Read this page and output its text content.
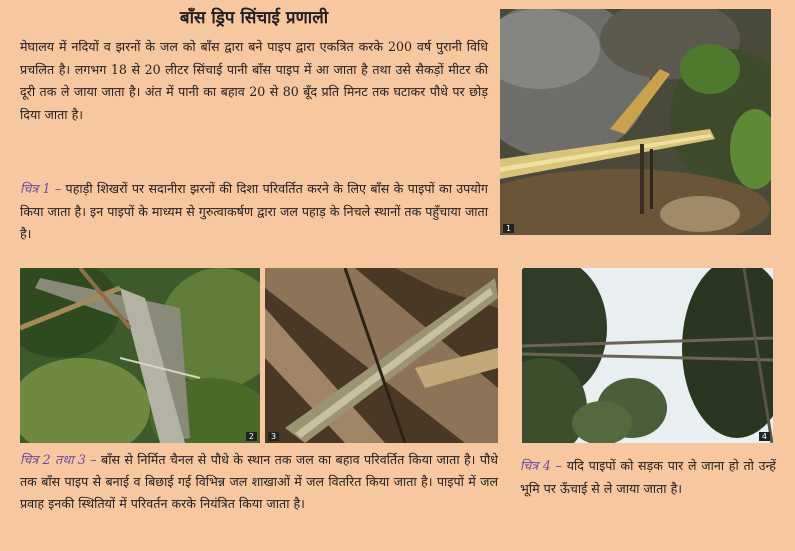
बाँस ड्रिप सिंचाई प्रणाली

मेघालय में नदियों व झरनों के जल को बाँस द्वारा बने पाइप द्वारा एकत्रित करके 200 वर्ष पुरानी विधि प्रचलित है। लगभग 18 से 20 लीटर सिंचाई पानी बाँस पाइप में आ जाता है तथा उसे सैकड़ों मीटर की दूरी तक ले जाया जाता है। अंत में पानी का बहाव 20 से 80 बूँद प्रति मिनट तक घटाकर पौधे पर छोड़ दिया जाता है।

चित्र 1 – पहाड़ी शिखरों पर सदानीरा झरनों की दिशा परिवर्तित करने के लिए बाँस के पाइपों का उपयोग किया जाता है। इन पाइपों के माध्यम से गुरुत्वाकर्षण द्वारा जल पहाड़ के निचले स्थानों तक पहुँचाया जाता है।

चित्र 2 तथा 3 – बाँस से निर्मित चैनल से पौधे के स्थान तक जल का बहाव परिवर्तित किया जाता है। पौधे तक बाँस पाइप से बनाई व बिछाई गई विभिन्न जल शाखाओं में जल वितरित किया जाता है। पाइपों में जल प्रवाह इनकी स्थितियों में परिवर्तन करके नियंत्रित किया जाता है।

चित्र 4 – यदि पाइपों को सड़क पार ले जाना हो तो उन्हें भूमि पर ऊँचाई से ले जाया जाता है।

1
2	3	4
